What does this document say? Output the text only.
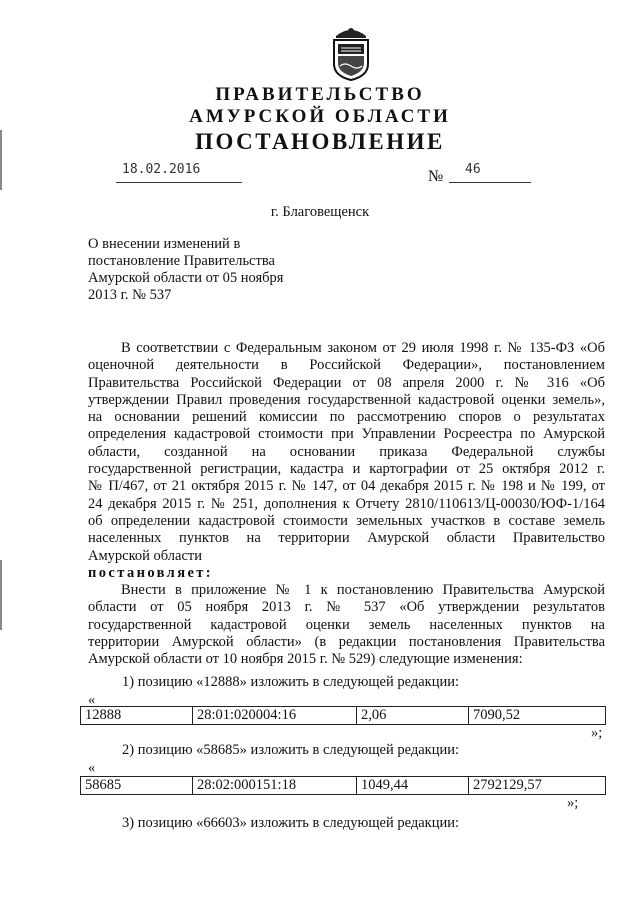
ПРАВИТЕЛЬСТВО
АМУРСКОЙ ОБЛАСТИ
ПОСТАНОВЛЕНИЕ
18.02.2016	№ 46
г. Благовещенск
О внесении изменений в
постановление Правительства
Амурской области от 05 ноября
2013 г. № 537
В соответствии с Федеральным законом от 29 июля 1998 г. № 135-ФЗ «Об
оценочной деятельности в Российской Федерации», постановлением
Правительства Российской Федерации от 08 апреля 2000 г. № 316 «Об
утверждении Правил проведения государственной кадастровой оценки земель»,
на основании решений комиссии по рассмотрению споров о результатах
определения кадастровой стоимости при Управлении Росреестра по Амурской
области, созданной на основании приказа Федеральной службы
государственной регистрации, кадастра и картографии от 25 октября 2012 г.
№ П/467, от 21 октября 2015 г. № 147, от 04 декабря 2015 г. № 198 и № 199, от
24 декабря 2015 г. № 251, дополнения к Отчету 2810/110613/Ц-00030/ЮФ-1/164
об определении кадастровой стоимости земельных участков в составе земель
населенных пунктов на территории Амурской области Правительство
Амурской области
постановляет:
Внести в приложение № 1 к постановлению Правительства Амурской
области от 05 ноября 2013 г. № 537 «Об утверждении результатов
государственной кадастровой оценки земель населенных пунктов на
территории Амурской области» (в редакции постановления Правительства
Амурской области от 10 ноября 2015 г. № 529) следующие изменения:
1) позицию «12888» изложить в следующей редакции:
«
12888	28:01:020004:16	2,06	7090,52
»;
2) позицию «58685» изложить в следующей редакции:
«
58685	28:02:000151:18	1049,44	2792129,57
»;
3) позицию «66603» изложить в следующей редакции:
